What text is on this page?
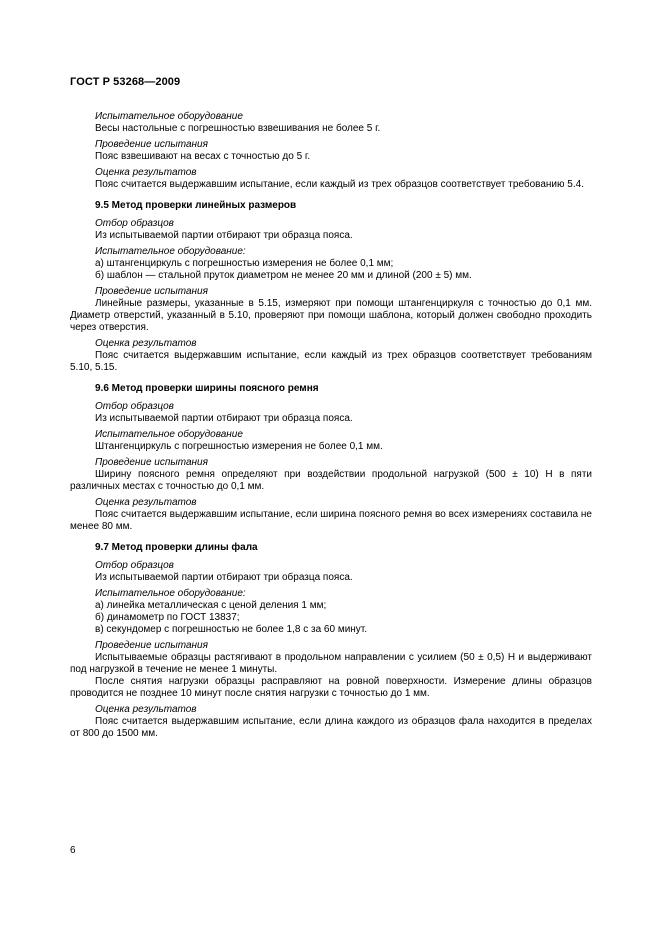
ГОСТ Р 53268—2009

Испытательное оборудование

Весы настольные с погрешностью взвешивания не более 5 г.

Проведение испытания

Пояс взвешивают на весах с точностью до 5 г.

Оценка результатов

Пояс считается выдержавшим испытание, если каждый из трех образцов соответствует требованию 5.4.

9.5 Метод проверки линейных размеров

Отбор образцов

Из испытываемой партии отбирают три образца пояса.

Испытательное оборудование:

а) штангенциркуль с погрешностью измерения не более 0,1 мм;

б) шаблон — стальной пруток диаметром не менее 20 мм и длиной (200 ± 5) мм.

Проведение испытания

Линейные размеры, указанные в 5.15, измеряют при помощи штангенциркуля с точностью до 0,1 мм. Диаметр отверстий, указанный в 5.10, проверяют при помощи шаблона, который должен свободно проходить через отверстия.

Оценка результатов

Пояс считается выдержавшим испытание, если каждый из трех образцов соответствует требованиям 5.10, 5.15.

9.6 Метод проверки ширины поясного ремня

Отбор образцов

Из испытываемой партии отбирают три образца пояса.

Испытательное оборудование

Штангенциркуль с погрешностью измерения не более 0,1 мм.

Проведение испытания

Ширину поясного ремня определяют при воздействии продольной нагрузкой (500 ± 10) Н в пяти различных местах с точностью до 0,1 мм.

Оценка результатов

Пояс считается выдержавшим испытание, если ширина поясного ремня во всех измерениях составила не менее 80 мм.

9.7 Метод проверки длины фала

Отбор образцов

Из испытываемой партии отбирают три образца пояса.

Испытательное оборудование:

а) линейка металлическая с ценой деления 1 мм;

б) динамометр по ГОСТ 13837;

в) секундомер с погрешностью не более 1,8 с за 60 минут.

Проведение испытания

Испытываемые образцы растягивают в продольном направлении с усилием (50 ± 0,5) Н и выдерживают под нагрузкой в течение не менее 1 минуты.

После снятия нагрузки образцы расправляют на ровной поверхности. Измерение длины образцов проводится не позднее 10 минут после снятия нагрузки с точностью до 1 мм.

Оценка результатов

Пояс считается выдержавшим испытание, если длина каждого из образцов фала находится в пределах от 800 до 1500 мм.

6
